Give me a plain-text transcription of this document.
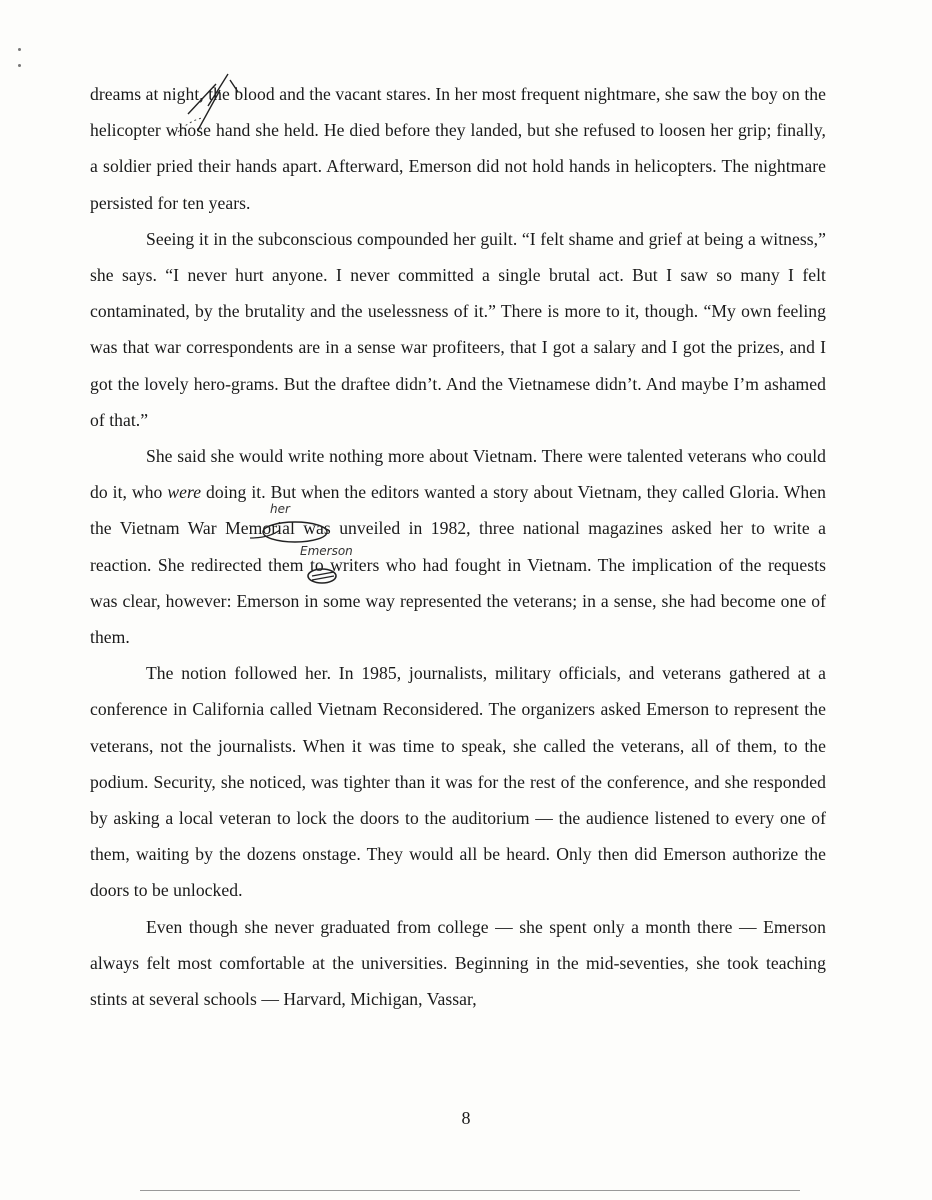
dreams at night, the blood and the vacant stares. In her most frequent nightmare, she saw the boy on the helicopter whose hand she held. He died before they landed, but she refused to loosen her grip; finally, a soldier pried their hands apart. Afterward, Emerson did not hold hands in helicopters. The nightmare persisted for ten years.

Seeing it in the subconscious compounded her guilt. “I felt shame and grief at being a witness,” she says. “I never hurt anyone. I never committed a single brutal act. But I saw so many I felt contaminated, by the brutality and the uselessness of it.” There is more to it, though. “My own feeling was that war correspondents are in a sense war profiteers, that I got a salary and I got the prizes, and I got the lovely hero-grams. But the draftee didn’t. And the Vietnamese didn’t. And maybe I’m ashamed of that.”

She said she would write nothing more about Vietnam. There were talented veterans who could do it, who were doing it. But when the editors wanted a story about Vietnam, they called Gloria. When the Vietnam War Memorial was unveiled in 1982, three national magazines asked her to write a reaction. She redirected them to writers who had fought in Vietnam. The implication of the requests was clear, however: Emerson in some way represented the veterans; in a sense, she had become one of them.

The notion followed her. In 1985, journalists, military officials, and veterans gathered at a conference in California called Vietnam Reconsidered. The organizers asked Emerson to represent the veterans, not the journalists. When it was time to speak, she called the veterans, all of them, to the podium. Security, she noticed, was tighter than it was for the rest of the conference, and she responded by asking a local veteran to lock the doors to the auditorium — the audience listened to every one of them, waiting by the dozens onstage. They would all be heard. Only then did Emerson authorize the doors to be unlocked.

Even though she never graduated from college — she spent only a month there — Emerson always felt most comfortable at the universities. Beginning in the mid-seventies, she took teaching stints at several schools — Harvard, Michigan, Vassar,

her
Emerson
8
